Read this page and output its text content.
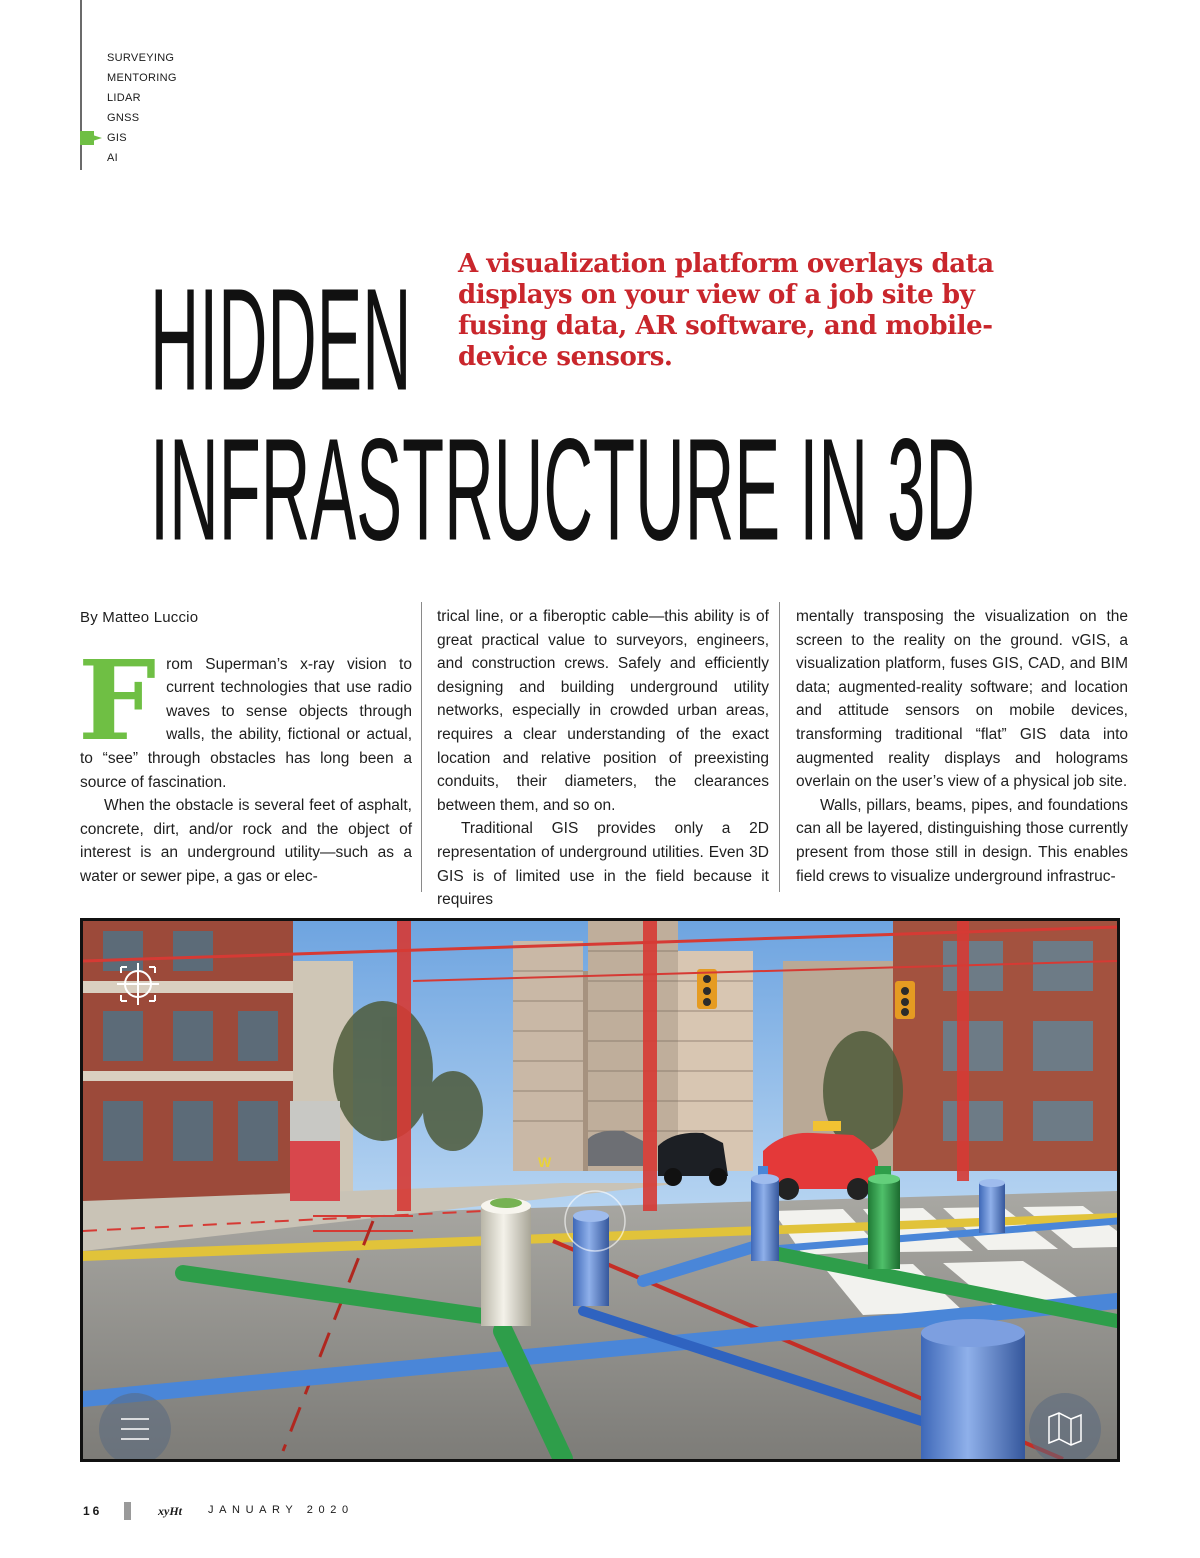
SURVEYING
MENTORING
LIDAR
GNSS
GIS
AI
HIDDEN
INFRASTRUCTURE IN 3D

A visualization platform overlays data displays on your view of a job site by fusing data, AR software, and mobile-device sensors.

By Matteo Luccio

From Superman’s x-ray vision to current technologies that use radio waves to sense objects through walls, the ability, fictional or actual, to “see” through obstacles has long been a source of fascination.

When the obstacle is several feet of asphalt, concrete, dirt, and/or rock and the object of interest is an underground utility—such as a water or sewer pipe, a gas or elec-

trical line, or a fiberoptic cable—this ability is of great practical value to surveyors, engineers, and construction crews. Safely and efficiently designing and building underground utility networks, especially in crowded urban areas, requires a clear understanding of the exact location and relative position of preexisting conduits, their diameters, the clearances between them, and so on.

Traditional GIS provides only a 2D representation of underground utilities. Even 3D GIS is of limited use in the field because it requires

mentally transposing the visualization on the screen to the reality on the ground. vGIS, a visualization platform, fuses GIS, CAD, and BIM data; augmented-reality software; and location and attitude sensors on mobile devices, transforming traditional “flat” GIS data into augmented reality displays and holograms overlain on the user’s view of a physical job site.

Walls, pillars, beams, pipes, and foundations can all be layered, distinguishing those currently present from those still in design. This enables field crews to visualize underground infrastruc-

W
16	xyHt JANUARY 2020
